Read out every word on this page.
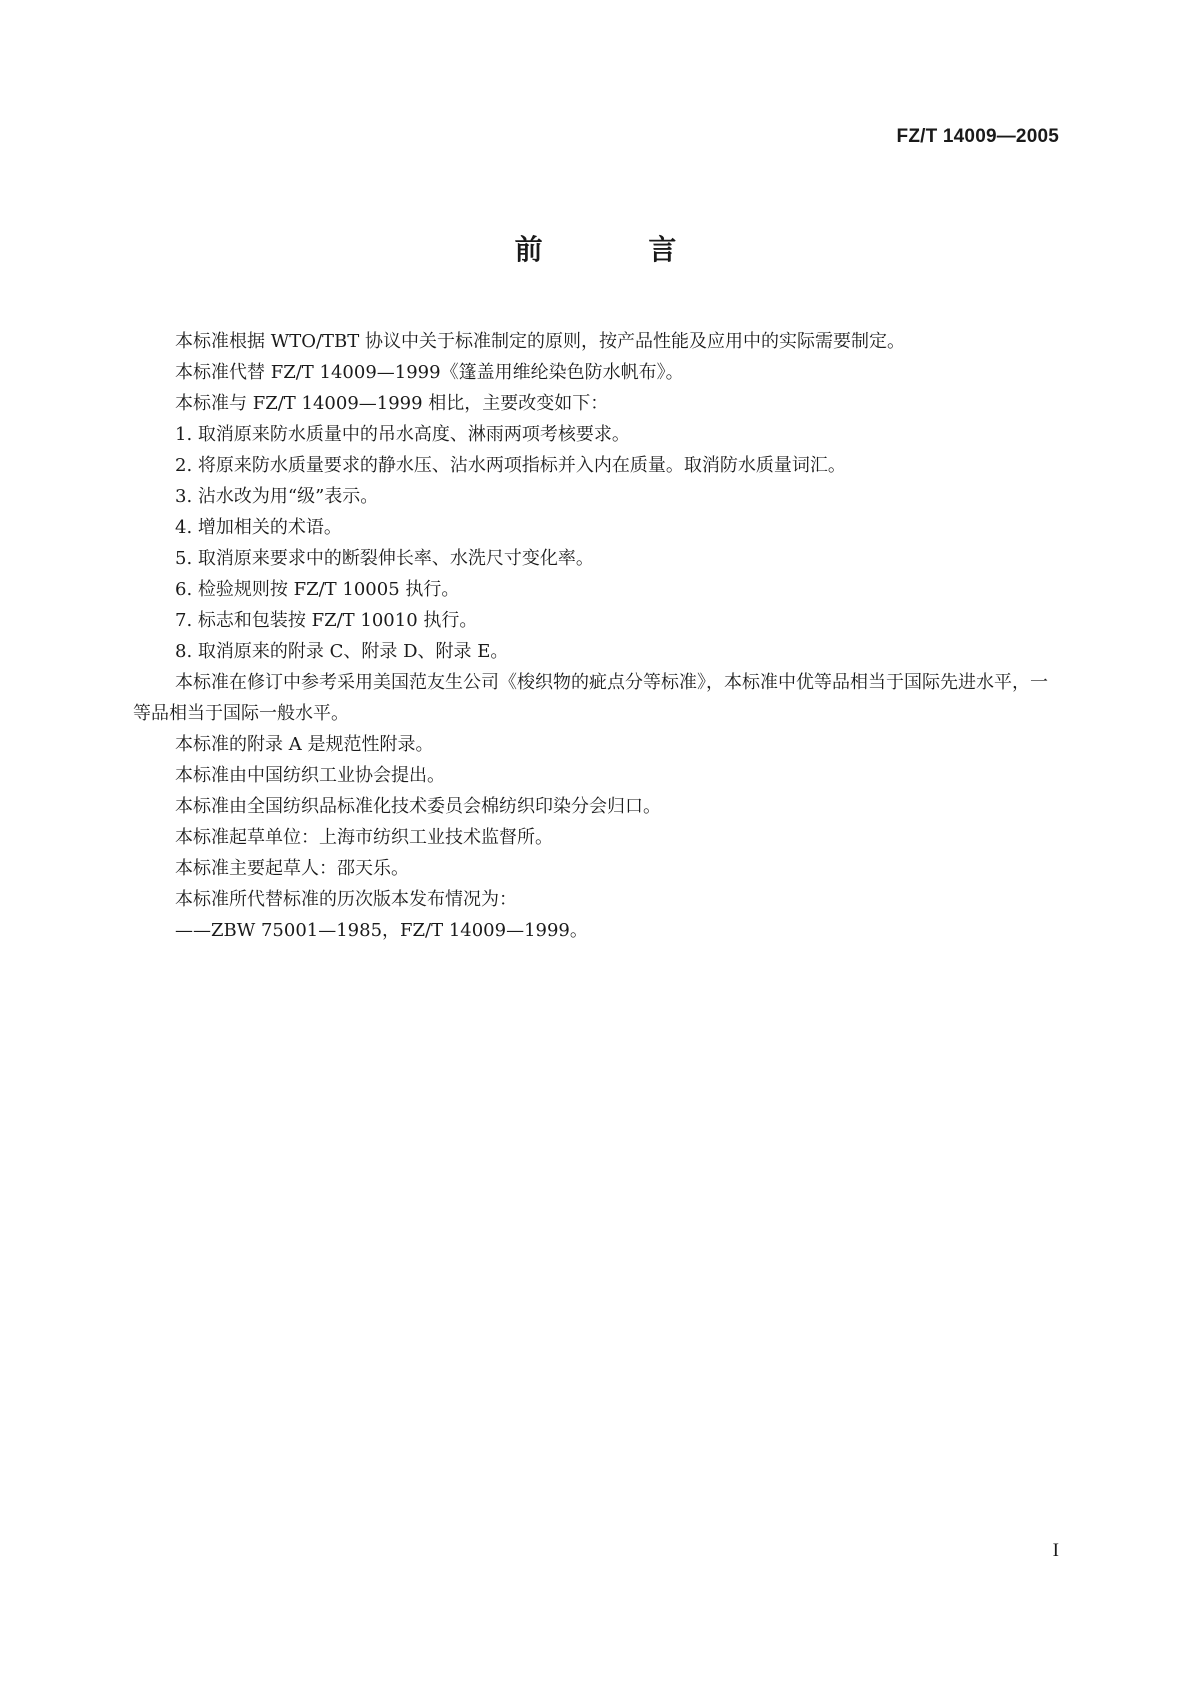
FZ/T 14009—2005
前 言

本标准根据 WTO/TBT 协议中关于标准制定的原则，按产品性能及应用中的实际需要制定。

本标准代替 FZ/T 14009—1999《篷盖用维纶染色防水帆布》。

本标准与 FZ/T 14009—1999 相比，主要改变如下：

1. 取消原来防水质量中的吊水高度、淋雨两项考核要求。

2. 将原来防水质量要求的静水压、沾水两项指标并入内在质量。取消防水质量词汇。

3. 沾水改为用“级”表示。

4. 增加相关的术语。

5. 取消原来要求中的断裂伸长率、水洗尺寸变化率。

6. 检验规则按 FZ/T 10005 执行。

7. 标志和包装按 FZ/T 10010 执行。

8. 取消原来的附录 C、附录 D、附录 E。

本标准在修订中参考采用美国范友生公司《梭织物的疵点分等标准》，本标准中优等品相当于国际先进水平，一等品相当于国际一般水平。

本标准的附录 A 是规范性附录。

本标准由中国纺织工业协会提出。

本标准由全国纺织品标准化技术委员会棉纺织印染分会归口。

本标准起草单位：上海市纺织工业技术监督所。

本标准主要起草人：邵天乐。

本标准所代替标准的历次版本发布情况为：

——ZBW 75001—1985，FZ/T 14009—1999。

I
